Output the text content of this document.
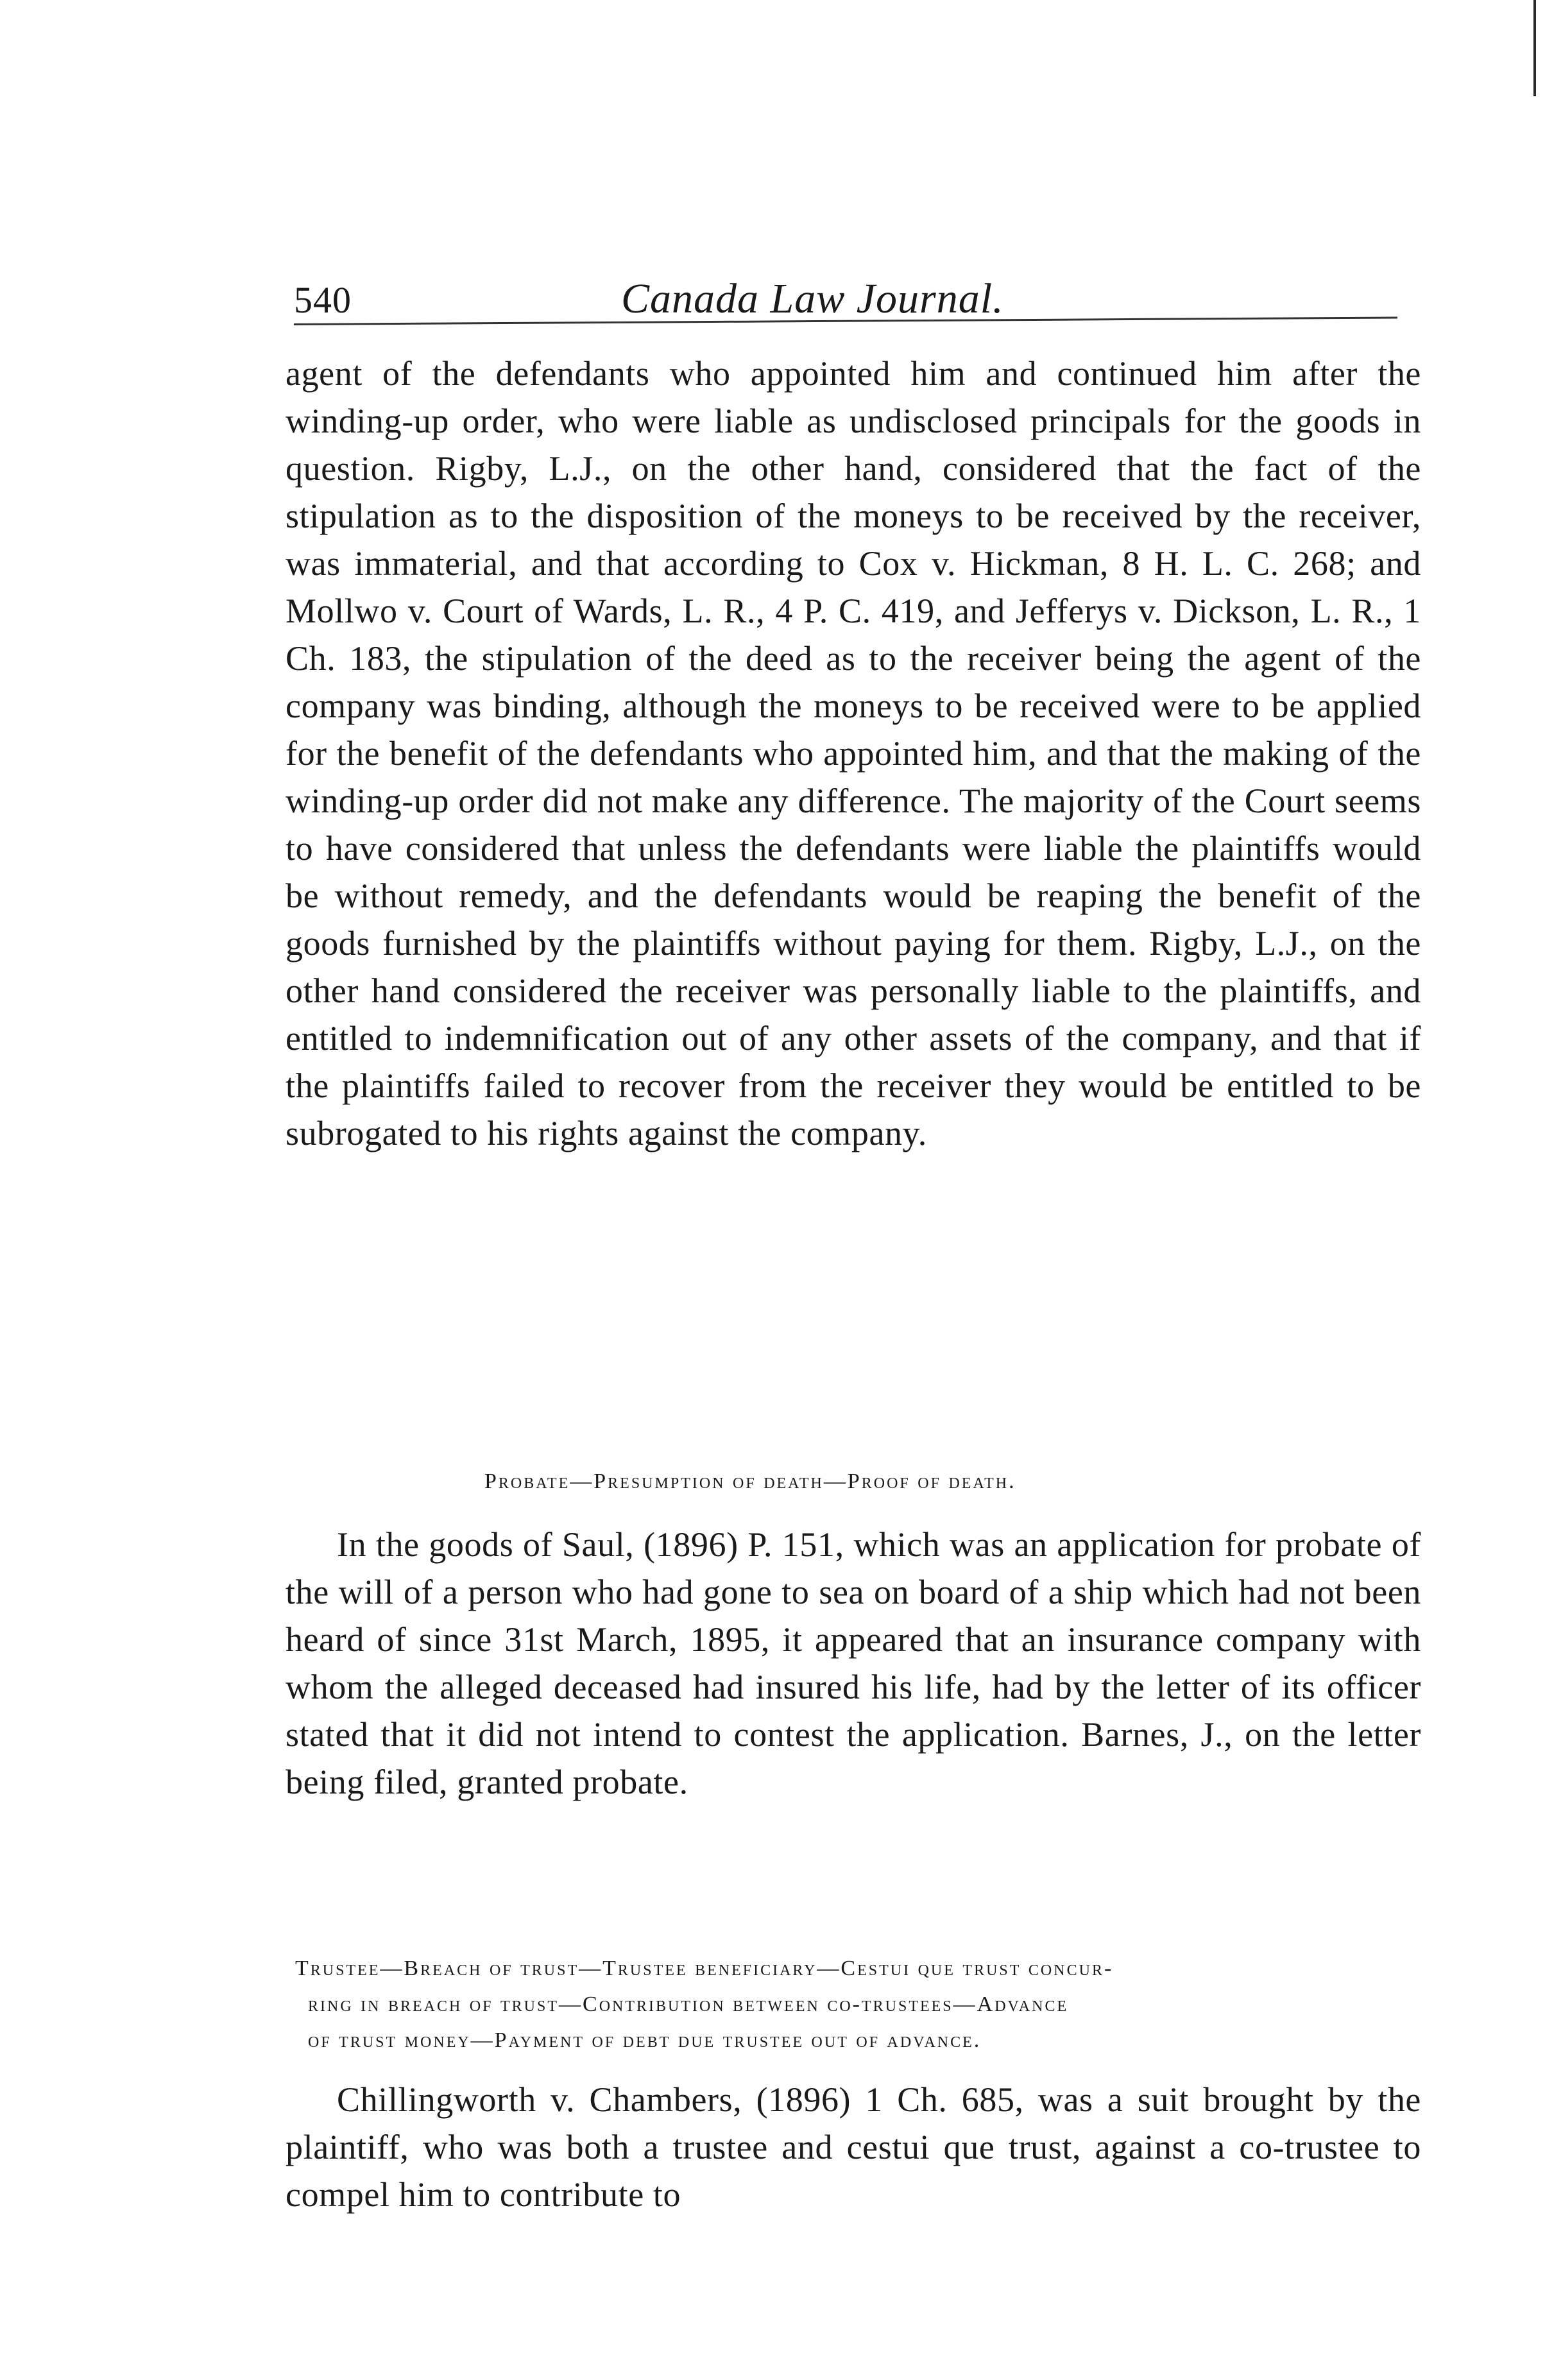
540	Canada Law Journal.
agent of the defendants who appointed him and continued him after the winding-up order, who were liable as undisclosed principals for the goods in question. Rigby, L.J., on the other hand, considered that the fact of the stipulation as to the disposition of the moneys to be received by the receiver, was immaterial, and that according to Cox v. Hickman, 8 H. L. C. 268; and Mollwo v. Court of Wards, L. R., 4 P. C. 419, and Jefferys v. Dickson, L. R., 1 Ch. 183, the stipulation of the deed as to the receiver being the agent of the company was binding, although the moneys to be received were to be applied for the benefit of the defendants who appointed him, and that the making of the winding-up order did not make any difference. The majority of the Court seems to have considered that unless the defendants were liable the plaintiffs would be without remedy, and the defendants would be reaping the benefit of the goods furnished by the plaintiffs without paying for them. Rigby, L.J., on the other hand considered the receiver was personally liable to the plaintiffs, and entitled to indemnification out of any other assets of the company, and that if the plaintiffs failed to recover from the receiver they would be entitled to be subrogated to his rights against the company.
Probate—Presumption of death—Proof of death.
In the goods of Saul, (1896) P. 151, which was an application for probate of the will of a person who had gone to sea on board of a ship which had not been heard of since 31st March, 1895, it appeared that an insurance company with whom the alleged deceased had insured his life, had by the letter of its officer stated that it did not intend to contest the application. Barnes, J., on the letter being filed, granted probate.
Trustee—Breach of trust—Trustee beneficiary—Cestui que trust concur-
ring in breach of trust—Contribution between co-trustees—Advance
of trust money—Payment of debt due trustee out of advance.
Chillingworth v. Chambers, (1896) 1 Ch. 685, was a suit brought by the plaintiff, who was both a trustee and cestui que trust, against a co-trustee to compel him to contribute to
